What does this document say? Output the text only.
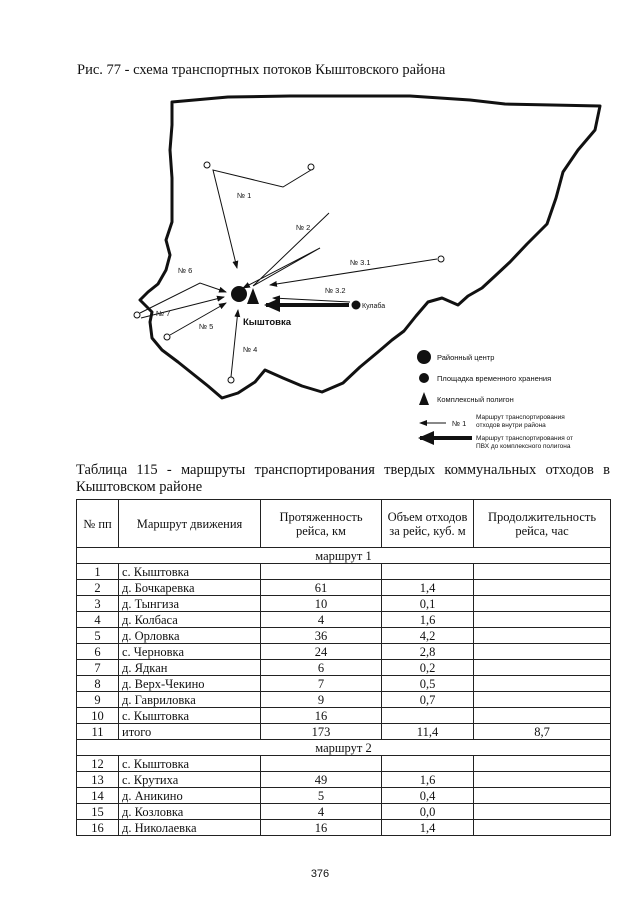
Рис. 77 - схема транспортных потоков Кыштовского района
№ 1
№ 2
№ 3.1
№ 3.2
№ 6
№ 7
№ 5
№ 4
Кыштовка
Кулаба
Районный центр
Площадка временного хранения
Комплексный полигон
№ 1
Маршрут транспортирования
отходов внутри района
Маршрут транспортирования от
ПВХ до комплексного полигона
Таблица 115 - маршруты транспортирования твердых коммунальных отходов в Кыштовском районе
№ пп	Маршрут движения	Протяженность рейса, км	Объем отходов за рейс, куб. м	Продолжительность рейса, час
маршрут 1				
1	с. Кыштовка			
2	д. Бочкаревка	61	1,4	
3	д. Тынгиза	10	0,1	
4	д. Колбаса	4	1,6	
5	д. Орловка	36	4,2	
6	с. Черновка	24	2,8	
7	д. Ядкан	6	0,2	
8	д. Верх-Чекино	7	0,5	
9	д. Гавриловка	9	0,7	
10	с. Кыштовка	16		
11	итого	173	11,4	8,7
маршрут 2				
12	с. Кыштовка			
13	с. Крутиха	49	1,6	
14	д. Аникино	5	0,4	
15	д. Козловка	4	0,0	
16	д. Николаевка	16	1,4	
376
